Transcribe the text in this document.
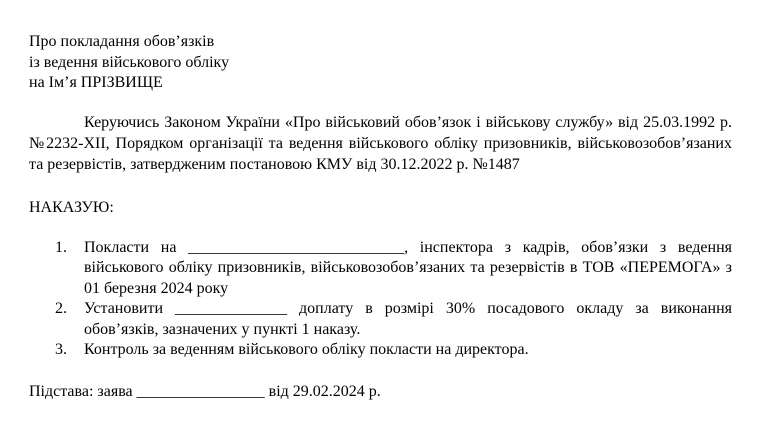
Про покладання обов’язків
із ведення військового обліку
на Ім’я ПРІЗВИЩЕ
Керуючись Законом України «Про військовий обов’язок і військову службу» від 25.03.1992 р. №2232-XII, Порядком організації та ведення військового обліку призовників, військовозобов’язаних та резервістів, затвердженим постановою КМУ від 30.12.2022 р. №1487
НАКАЗУЮ:
1. Покласти на ___________________________, інспектора з кадрів, обов’язки з ведення військового обліку призовників, військовозобов’язаних та резервістів в ТОВ «ПЕРЕМОГА» з 01 березня 2024 року
2. Установити ______________ доплату в розмірі 30% посадового окладу за виконання обов’язків, зазначених у пункті 1 наказу.
3. Контроль за веденням військового обліку покласти на директора.
Підстава: заява ________________ від 29.02.2024 р.
